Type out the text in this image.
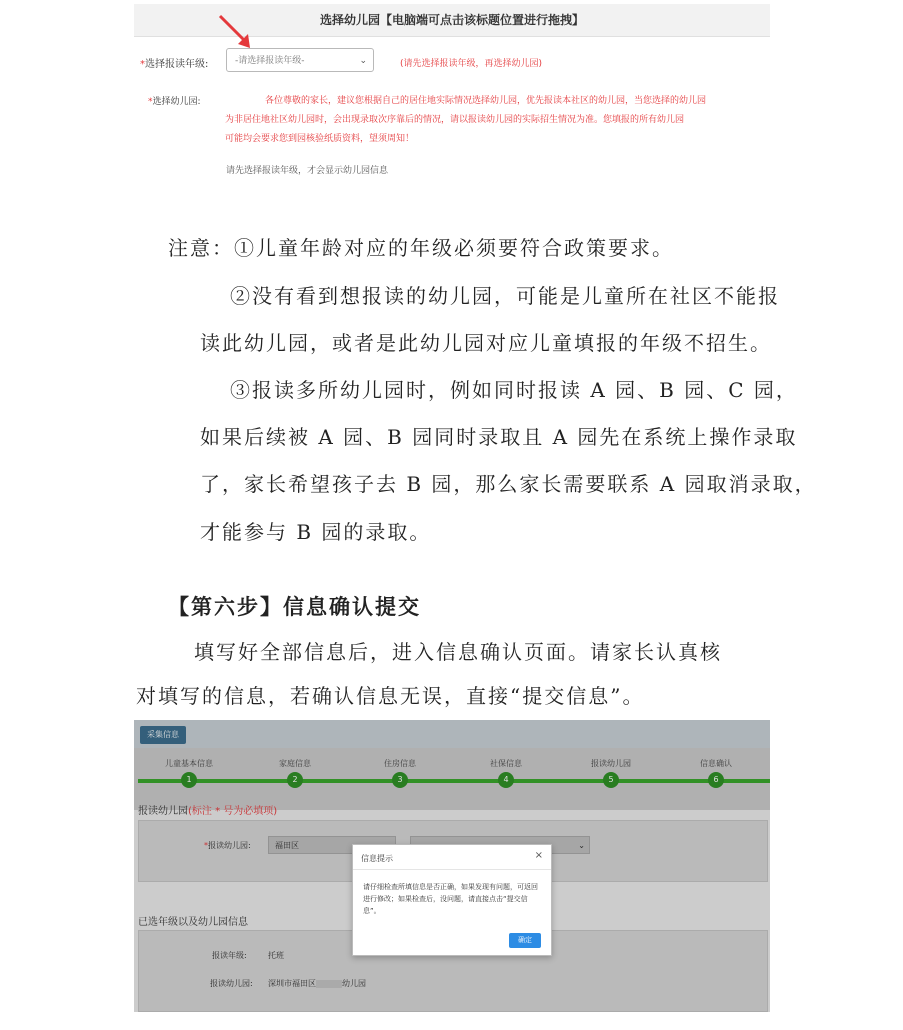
选择幼儿园【电脑端可点击该标题位置进行拖拽】
*选择报读年级:	-请选择报读年级-	⌄	(请先选择报读年级，再选择幼儿园)
*选择幼儿园:	各位尊敬的家长，建议您根据自己的居住地实际情况选择幼儿园，优先报读本社区的幼儿园，当您选择的幼儿园
为非居住地社区幼儿园时，会出现录取次序靠后的情况，请以报读幼儿园的实际招生情况为准。您填报的所有幼儿园
可能均会要求您到园核验纸质资料，望须周知！
请先选择报读年级，才会显示幼儿园信息
注意：①儿童年龄对应的年级必须要符合政策要求。
②没有看到想报读的幼儿园，可能是儿童所在社区不能报
读此幼儿园，或者是此幼儿园对应儿童填报的年级不招生。
③报读多所幼儿园时，例如同时报读 A 园、B 园、C 园，
如果后续被 A 园、B 园同时录取且 A 园先在系统上操作录取
了，家长希望孩子去 B 园，那么家长需要联系 A 园取消录取，
才能参与 B 园的录取。
【第六步】信息确认提交
填写好全部信息后，进入信息确认页面。请家长认真核
对填写的信息，若确认信息无误，直接“提交信息”。
采集信息
儿童基本信息
1
家庭信息
2
住房信息
3
社保信息
4
报读幼儿园
5
信息确认
6
报读幼儿园(标注 * 号为必填项)
*报读幼儿园:	福田区	⌄
已选年级以及幼儿园信息
报读年级:	托班
报读幼儿园: 深圳市福田区	幼儿园
信息提示	×
请仔细检查所填信息是否正确，如果发现有问题，可返回进行修改；如果检查后，没问题，请直接点击“提交信息”。
确定
